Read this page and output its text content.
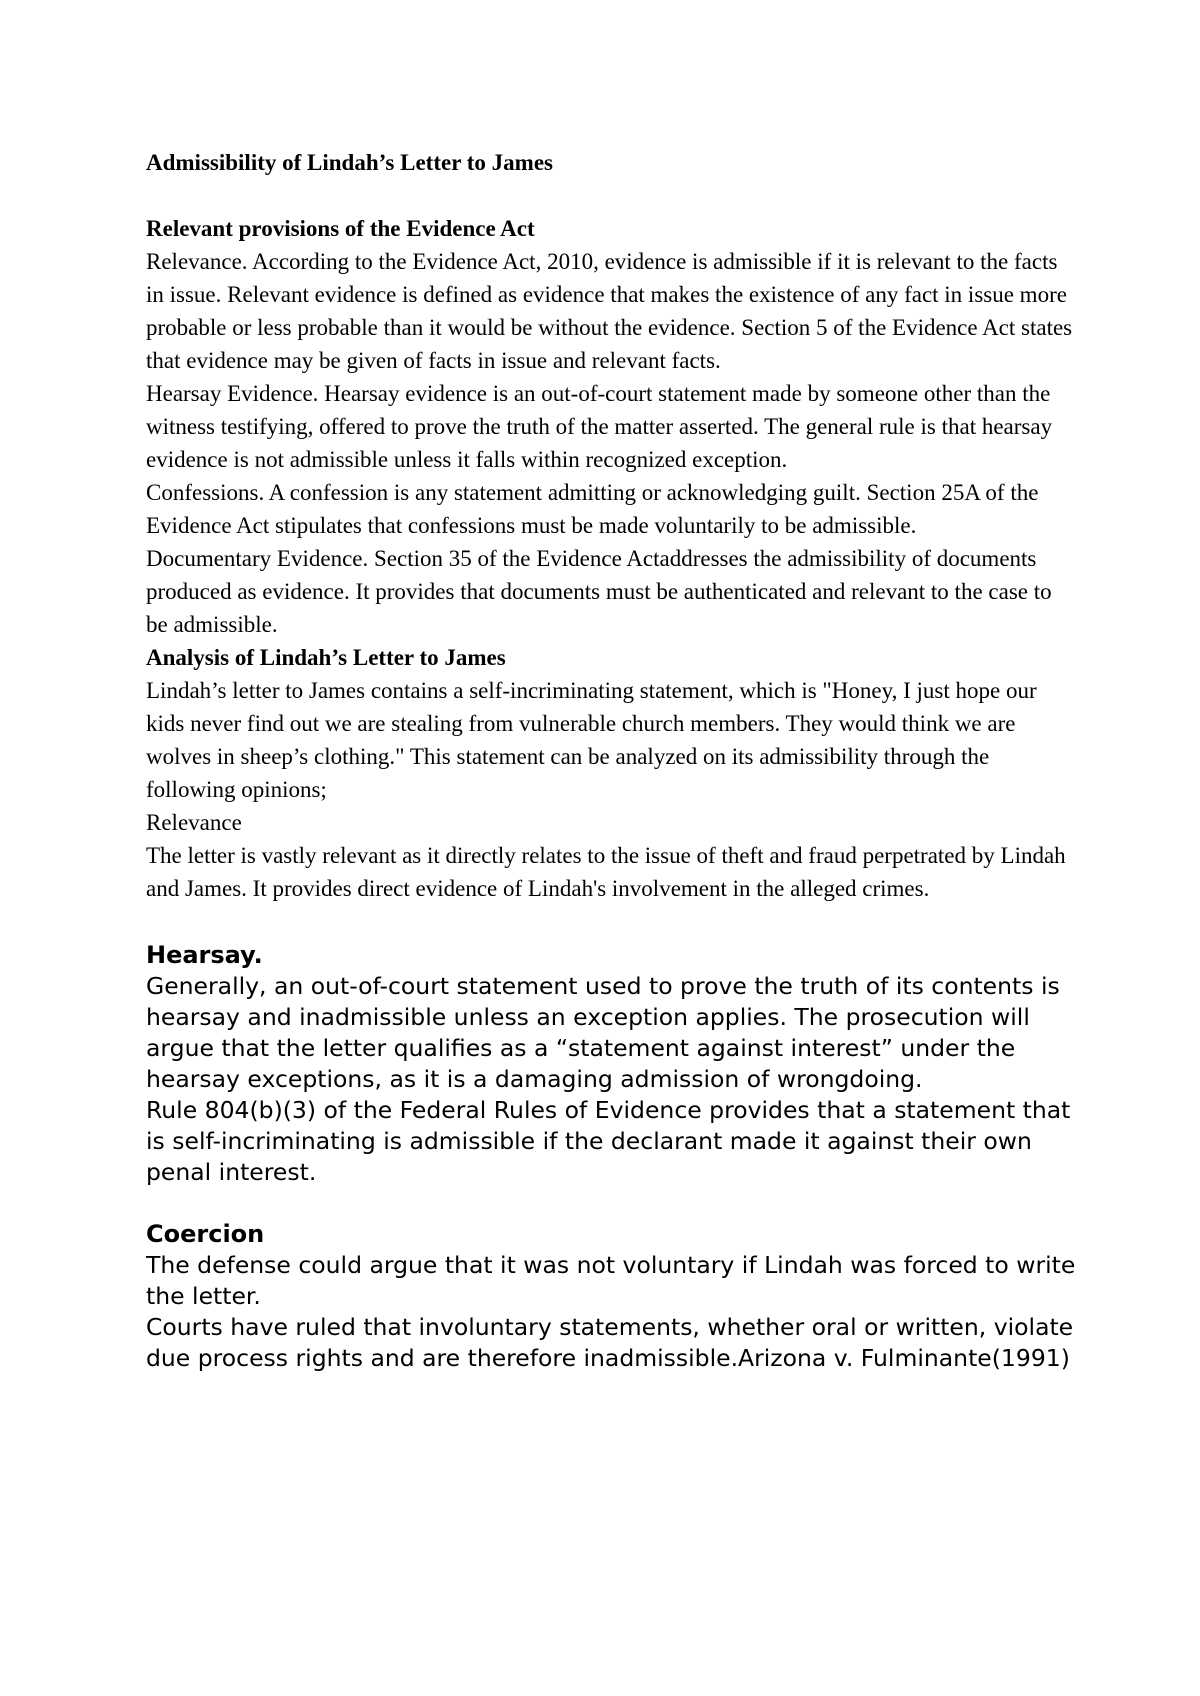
Admissibility of Lindah’s Letter to James
Relevant provisions of the Evidence Act

Relevance. According to the Evidence Act, 2010, evidence is admissible if it is relevant to the facts in issue. Relevant evidence is defined as evidence that makes the existence of any fact in issue more probable or less probable than it would be without the evidence. Section 5 of the Evidence Act states that evidence may be given of facts in issue and relevant facts.

Hearsay Evidence. Hearsay evidence is an out-of-court statement made by someone other than the witness testifying, offered to prove the truth of the matter asserted. The general rule is that hearsay evidence is not admissible unless it falls within recognized exception.

Confessions. A confession is any statement admitting or acknowledging guilt. Section 25A of the Evidence Act stipulates that confessions must be made voluntarily to be admissible.

Documentary Evidence. Section 35 of the Evidence Actaddresses the admissibility of documents produced as evidence. It provides that documents must be authenticated and relevant to the case to be admissible.

Analysis of Lindah’s Letter to James

Lindah’s letter to James contains a self-incriminating statement, which is "Honey, I just hope our kids never find out we are stealing from vulnerable church members. They would think we are wolves in sheep’s clothing." This statement can be analyzed on its admissibility through the following opinions;

Relevance

The letter is vastly relevant as it directly relates to the issue of theft and fraud perpetrated by Lindah and James. It provides direct evidence of Lindah's involvement in the alleged crimes.

Hearsay.

Generally, an out-of-court statement used to prove the truth of its contents is hearsay and inadmissible unless an exception applies. The prosecution will argue that the letter qualifies as a “statement against interest” under the hearsay exceptions, as it is a damaging admission of wrongdoing.

Rule 804(b)(3) of the Federal Rules of Evidence provides that a statement that is self-incriminating is admissible if the declarant made it against their own penal interest.

Coercion

The defense could argue that it was not voluntary if Lindah was forced to write the letter.

Courts have ruled that involuntary statements, whether oral or written, violate due process rights and are therefore inadmissible.Arizona v. Fulminante(1991)
